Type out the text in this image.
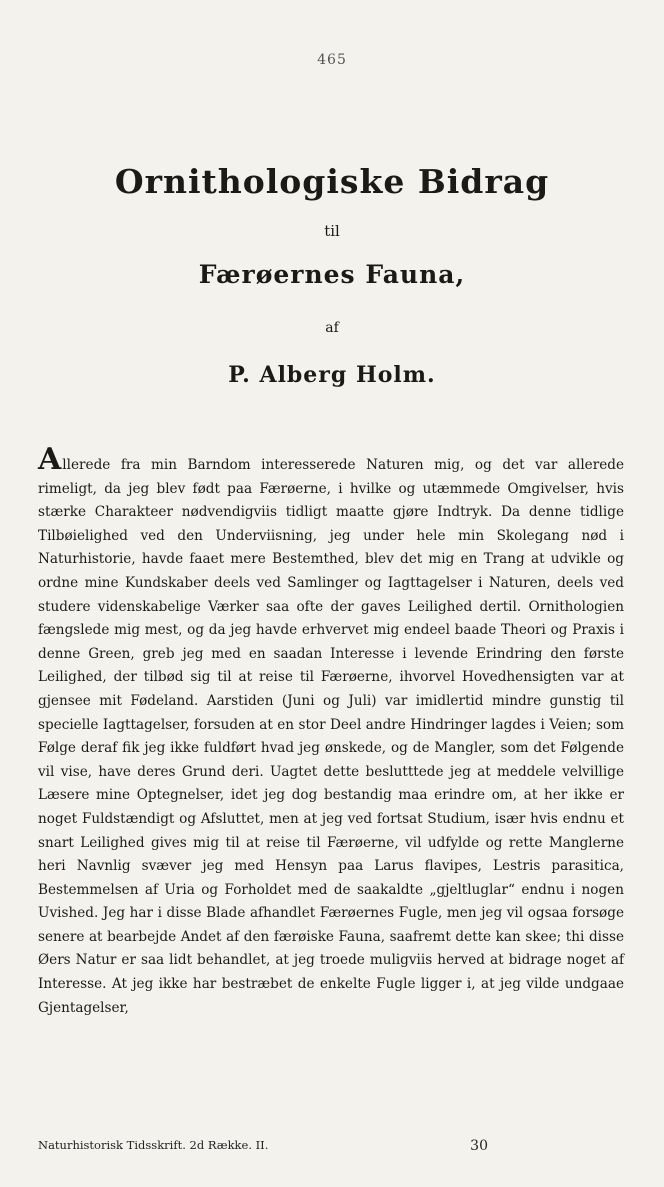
465
Ornithologiske Bidrag
til
Færøernes Fauna,
af
P. Alberg Holm.
Allerede fra min Barndom interesserede Naturen mig, og det var allerede rimeligt, da jeg blev født paa Færøerne, i hvilke og utæmmede Omgivelser, hvis stærke Charakteer nødvendigviis tidligt maatte gjøre Indtryk. Da denne tidlige Tilbøielighed ved den Underviisning, jeg under hele min Skolegang nød i Naturhistorie, havde faaet mere Bestemthed, blev det mig en Trang at udvikle og ordne mine Kundskaber deels ved Samlinger og Iagttagelser i Naturen, deels ved studere videnskabelige Værker saa ofte der gaves Leilighed dertil. Ornithologien fængslede mig mest, og da jeg havde erhvervet mig endeel baade Theori og Praxis i denne Green, greb jeg med en saadan Interesse i levende Erindring den første Leilighed, der tilbød sig til at reise til Færøerne, ihvorvel Hovedhensigten var at gjensee mit Fødeland. Aarstiden (Juni og Juli) var imidlertid mindre gunstig til specielle Iagttagelser, forsuden at en stor Deel andre Hindringer lagdes i Veien; som Følge deraf fik jeg ikke fuldført hvad jeg ønskede, og de Mangler, som det Følgende vil vise, have deres Grund deri. Uagtet dette beslutttede jeg at meddele velvillige Læsere mine Optegnelser, idet jeg dog bestandig maa erindre om, at her ikke er noget Fuldstændigt og Afsluttet, men at jeg ved fortsat Studium, især hvis endnu et snart Leilighed gives mig til at reise til Færøerne, vil udfylde og rette Manglerne heri Navnlig svæver jeg med Hensyn paa Larus flavipes, Lestris parasitica, Bestemmelsen af Uria og Forholdet med de saakaldte „gjeltluglar“ endnu i nogen Uvished. Jeg har i disse Blade afhandlet Færøernes Fugle, men jeg vil ogsaa forsøge senere at bearbejde Andet af den færøiske Fauna, saafremt dette kan skee; thi disse Øers Natur er saa lidt behandlet, at jeg troede muligviis herved at bidrage noget af Interesse. At jeg ikke har bestræbet de enkelte Fugle ligger i, at jeg vilde undgaae Gjentagelser,
Naturhistorisk Tidsskrift. 2d Række. II.	30
